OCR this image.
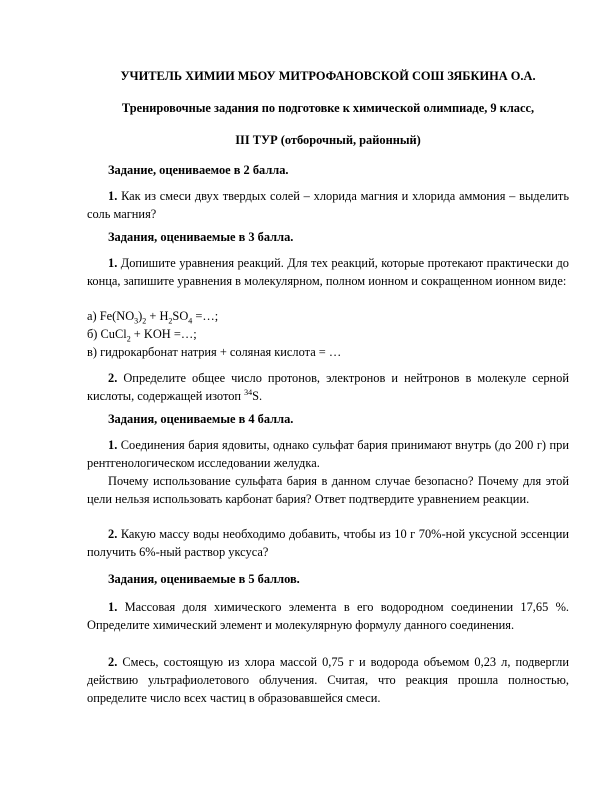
УЧИТЕЛЬ ХИМИИ МБОУ МИТРОФАНОВСКОЙ СОШ ЗЯБКИНА О.А.
Тренировочные задания по подготовке к химической олимпиаде, 9 класс,
III ТУР (отборочный, районный)
Задание, оцениваемое в 2 балла.
1. Как из смеси двух твердых солей – хлорида магния и хлорида аммония – выделить соль магния?
Задания, оцениваемые в 3 балла.
1. Допишите уравнения реакций. Для тех реакций, которые протекают практически до конца, запишите уравнения в молекулярном, полном ионном и сокращенном ионном виде:
а) $Fe(NO_3)_2 + H_2SO_4$ =…;
б) CuCl$_2$ + KOH =…;
в) гидрокарбонат натрия + соляная кислота = …
2. Определите общее число протонов, электронов и нейтронов в молекуле серной кислоты, содержащей изотоп $^{34}$S.
Задания, оцениваемые в 4 балла.
1. Соединения бария ядовиты, однако сульфат бария принимают внутрь (до 200 г) при рентгенологическом исследовании желудка.
Почему использование сульфата бария в данном случае безопасно? Почему для этой цели нельзя использовать карбонат бария? Ответ подтвердите уравнением реакции.
2. Какую массу воды необходимо добавить, чтобы из 10 г 70%-ной уксусной эссенции получить 6%-ный раствор уксуса?
Задания, оцениваемые в 5 баллов.
1. Массовая доля химического элемента в его водородном соединении 17,65 %. Определите химический элемент и молекулярную формулу данного соединения.
2. Смесь, состоящую из хлора массой 0,75 г и водорода объемом 0,23 л, подвергли действию ультрафиолетового облучения. Считая, что реакция прошла полностью, определите число всех частиц в образовавшейся смеси.
